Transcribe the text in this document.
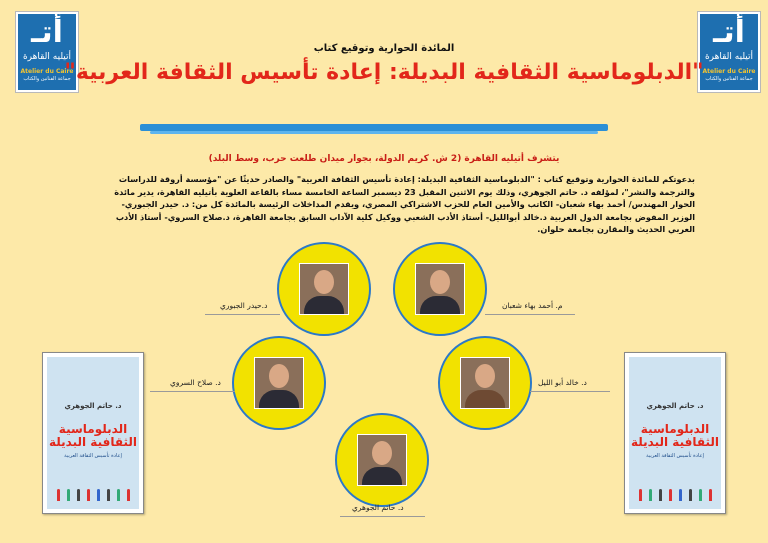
أتـ
أتيليه القاهرة
Atelier du Caire
جماعة الفنانين والكتاب
أتـ
أتيليه القاهرة
Atelier du Caire
جماعة الفنانين والكتاب
المائدة الحوارية وتوقيع كتاب
"الدبلوماسية الثقافية البديلة: إعادة تأسيس الثقافة العربية"
يتشرف أتيليه القاهرة (2 ش. كريم الدولة، بجوار ميدان طلعت حرب، وسط البلد)
بدعوتكم للمائدة الحوارية وتوقيع كتاب : "الدبلوماسية الثقافية البديلة: إعادة تأسيس الثقافة العربية" والصادر حديثًا عن "مؤسسة أروقة للدراسات والترجمة والنشر"، لمؤلفه د. حاتم الجوهري، وذلك يوم الاثنين المقبل 23 ديسمبر الساعة الخامسة مساء بالقاعة العلوية بأتيليه القاهرة، يدير مائدة الحوار المهندس/ أحمد بهاء شعبان- الكاتب والأمين العام للحزب الاشتراكي المصري، ويقدم المداخلات الرئيسة بالمائدة كل من: د. حيدر الجبوري- الوزير المفوض بجامعة الدول العربية د.خالد أبوالليل- أستاذ الأدب الشعبي ووكيل كلية الآداب السابق بجامعة القاهرة، د.صلاح السروي- أستاذ الأدب العربي الحديث والمقارن بجامعة حلوان.
د.حيدر الجبوري	م. أحمد بهاء شعبان
د. صلاح السروي	د. خالد أبو الليل
د. حاتم الجوهري
د. حاتم الجوهري
الدبلوماسية
الثقافية البديلة
إعادة تأسيس الثقافة العربية
د. حاتم الجوهري
الدبلوماسية
الثقافية البديلة
إعادة تأسيس الثقافة العربية
